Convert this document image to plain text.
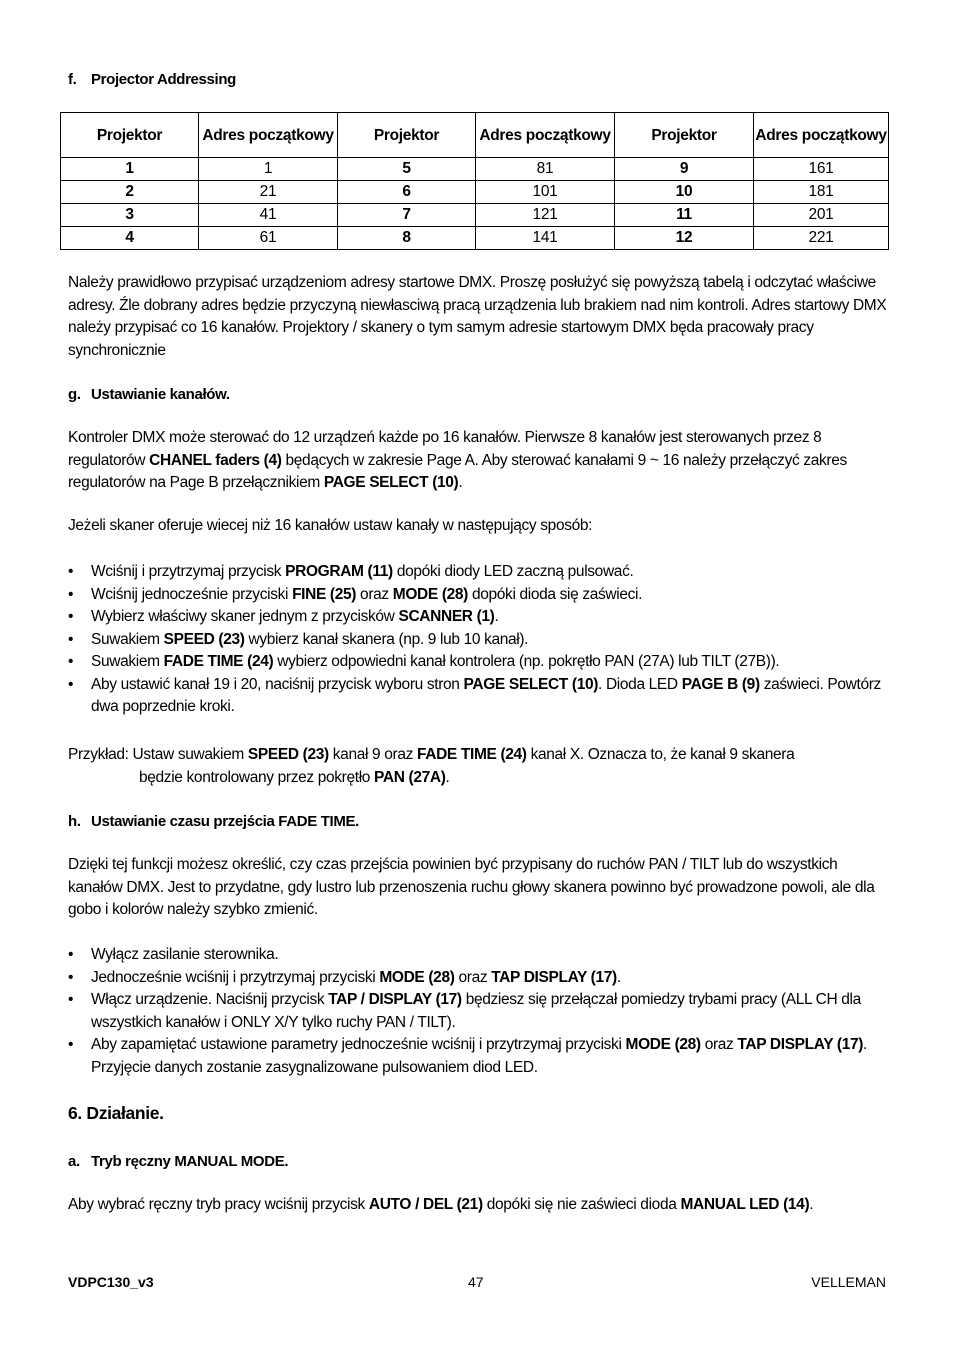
f. Projector Addressing
Projektor	Adres początkowy	Projektor	Adres początkowy	Projektor	Adres początkowy
1	1	5	81	9	161
2	21	6	101	10	181
3	41	7	121	11	201
4	61	8	141	12	221

Należy prawidłowo przypisać urządzeniom adresy startowe DMX. Proszę posłużyć się powyższą tabelą i odczytać właściwe adresy. Źle dobrany adres będzie przyczyną niewłasciwą pracą urządzenia lub brakiem nad nim kontroli. Adres startowy DMX należy przypisać co 16 kanałów. Projektory / skanery o tym samym adresie startowym DMX będa pracowały pracy synchronicznie

g. Ustawianie kanałów.

Kontroler DMX może sterować do 12 urządzeń każde po 16 kanałów. Pierwsze 8 kanałów jest sterowanych przez 8 regulatorów CHANEL faders (4) będących w zakresie Page A. Aby sterować kanałami 9 ~ 16 należy przełączyć zakres regulatorów na Page B przełącznikiem PAGE SELECT (10).

Jeżeli skaner oferuje wiecej niż 16 kanałów ustaw kanały w następujący sposób:

• Wciśnij i przytrzymaj przycisk PROGRAM (11) dopóki diody LED zaczną pulsować.
• Wciśnij jednocześnie przyciski FINE (25) oraz MODE (28) dopóki dioda się zaświeci.
• Wybierz właściwy skaner jednym z przycisków SCANNER (1).
• Suwakiem SPEED (23) wybierz kanał skanera (np. 9 lub 10 kanał).
• Suwakiem FADE TIME (24) wybierz odpowiedni kanał kontrolera (np. pokrętło PAN (27A) lub TILT (27B)).
• Aby ustawić kanał 19 i 20, naciśnij przycisk wyboru stron PAGE SELECT (10). Dioda LED PAGE B (9) zaświeci. Powtórz dwa poprzednie kroki.

Przykład: Ustaw suwakiem SPEED (23) kanał 9 oraz FADE TIME (24) kanał X. Oznacza to, że kanał 9 skanera
będzie kontrolowany przez pokrętło PAN (27A).

h. Ustawianie czasu przejścia FADE TIME.

Dzięki tej funkcji możesz określić, czy czas przejścia powinien być przypisany do ruchów PAN / TILT lub do wszystkich kanałów DMX. Jest to przydatne, gdy lustro lub przenoszenia ruchu głowy skanera powinno być prowadzone powoli, ale dla gobo i kolorów należy szybko zmienić.

• Wyłącz zasilanie sterownika.
• Jednocześnie wciśnij i przytrzymaj przyciski MODE (28) oraz TAP DISPLAY (17).
• Włącz urządzenie. Naciśnij przycisk TAP / DISPLAY (17) będziesz się przełączał pomiedzy trybami pracy (ALL CH dla wszystkich kanałów i ONLY X/Y tylko ruchy PAN / TILT).
• Aby zapamiętać ustawione parametry jednocześnie wciśnij i przytrzymaj przyciski MODE (28) oraz TAP DISPLAY (17). Przyjęcie danych zostanie zasygnalizowane pulsowaniem diod LED.
6. Działanie.
a. Tryb ręczny MANUAL MODE.

Aby wybrać ręczny tryb pracy wciśnij przycisk AUTO / DEL (21) dopóki się nie zaświeci dioda MANUAL LED (14).

VDPC130_v3	47	VELLEMAN
